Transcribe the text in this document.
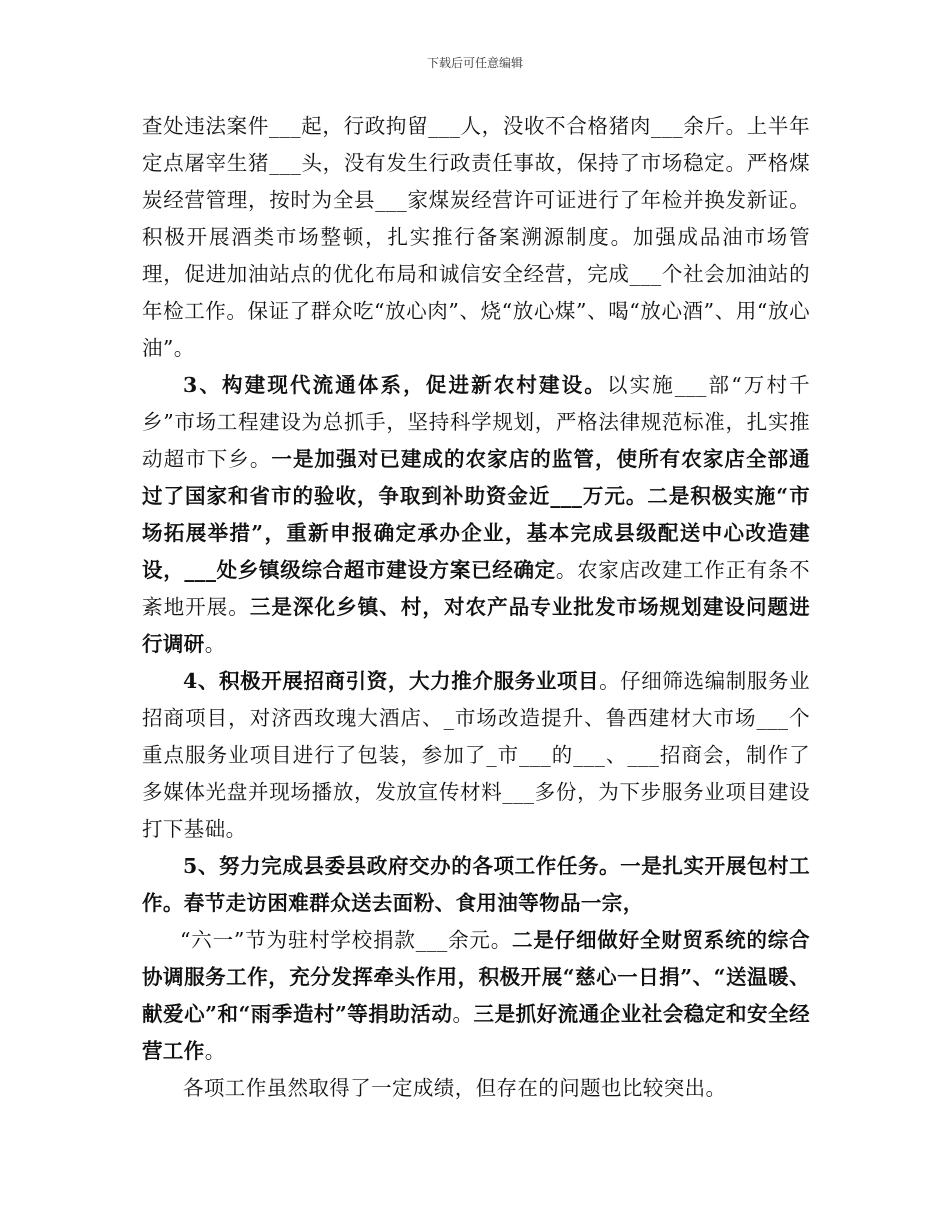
下载后可任意编辑

查处违法案件___起，行政拘留___人，没收不合格猪肉___余斤。上半年定点屠宰生猪___头，没有发生行政责任事故，保持了市场稳定。严格煤炭经营管理，按时为全县___家煤炭经营许可证进行了年检并换发新证。积极开展酒类市场整顿，扎实推行备案溯源制度。加强成品油市场管理，促进加油站点的优化布局和诚信安全经营，完成___个社会加油站的年检工作。保证了群众吃“放心肉”、烧“放心煤”、喝“放心酒”、用“放心油”。

3、构建现代流通体系，促进新农村建设。以实施___部“万村千乡”市场工程建设为总抓手，坚持科学规划，严格法律规范标准，扎实推动超市下乡。一是加强对已建成的农家店的监管，使所有农家店全部通过了国家和省市的验收，争取到补助资金近___万元。二是积极实施“市场拓展举措”，重新申报确定承办企业，基本完成县级配送中心改造建设，___处乡镇级综合超市建设方案已经确定。农家店改建工作正有条不紊地开展。三是深化乡镇、村，对农产品专业批发市场规划建设问题进行调研。

4、积极开展招商引资，大力推介服务业项目。仔细筛选编制服务业招商项目，对济西玫瑰大酒店、_市场改造提升、鲁西建材大市场___个重点服务业项目进行了包装，参加了_市___的___、___招商会，制作了多媒体光盘并现场播放，发放宣传材料___多份，为下步服务业项目建设打下基础。

5、努力完成县委县政府交办的各项工作任务。一是扎实开展包村工作。春节走访困难群众送去面粉、食用油等物品一宗，

“六一”节为驻村学校捐款___余元。二是仔细做好全财贸系统的综合协调服务工作，充分发挥牵头作用，积极开展“慈心一日捐”、“送温暖、献爱心”和“雨季造村”等捐助活动。三是抓好流通企业社会稳定和安全经营工作。

各项工作虽然取得了一定成绩，但存在的问题也比较突出。
